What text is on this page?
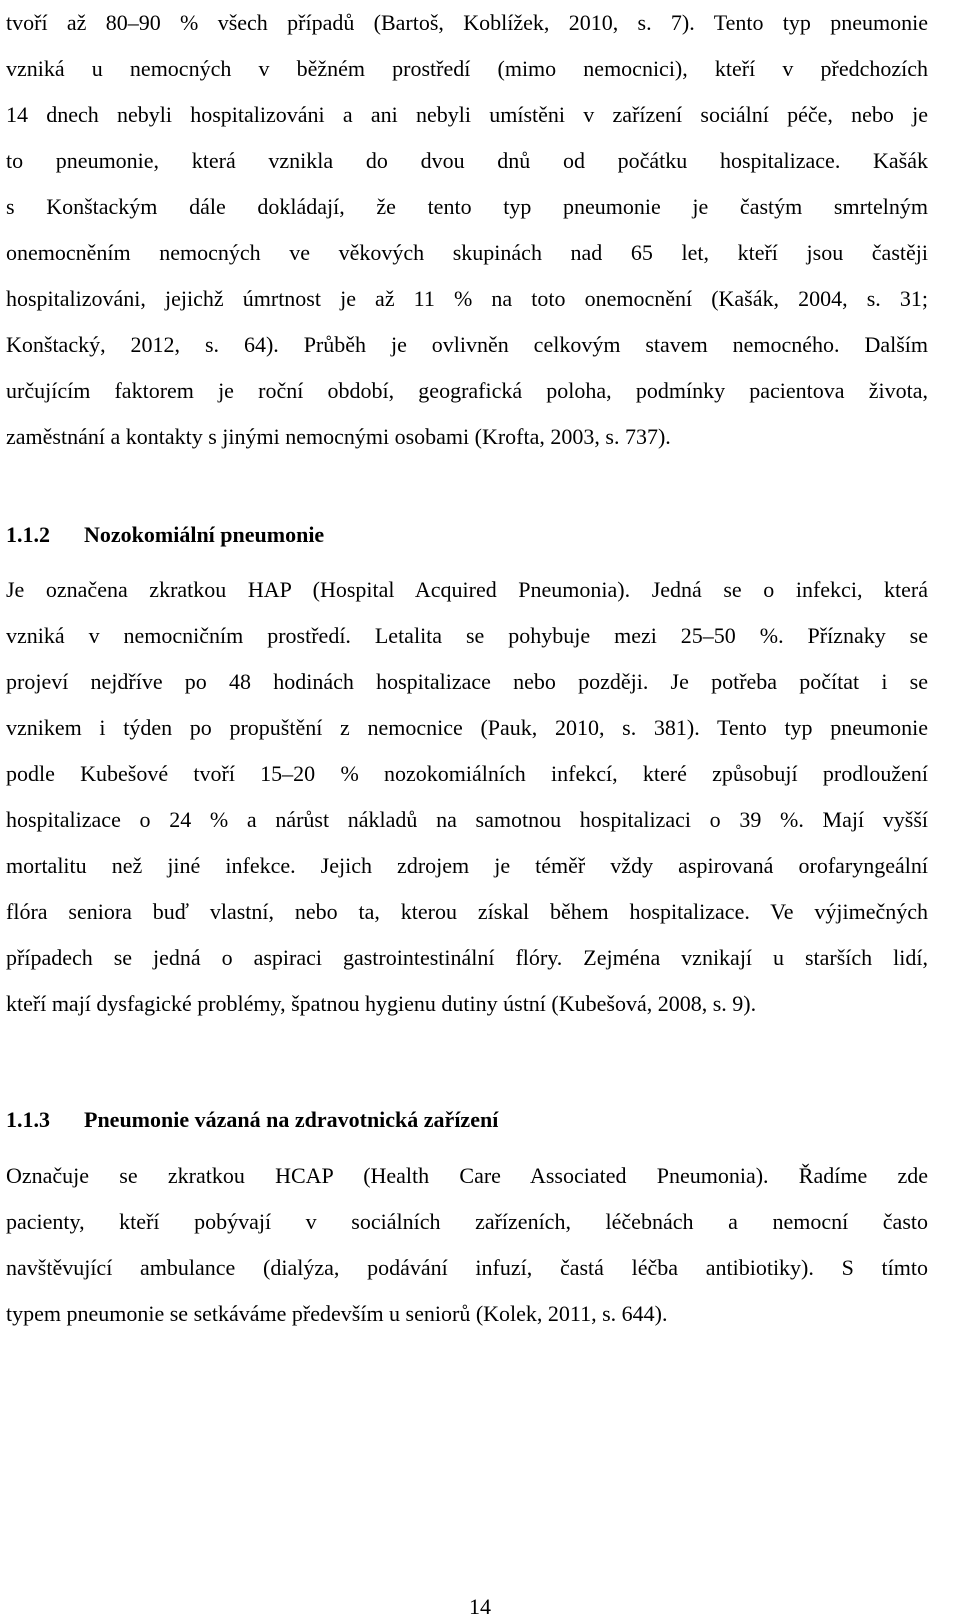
tvoří až 80–90 % všech případů (Bartoš, Koblížek, 2010, s. 7). Tento typ pneumonie
vzniká u nemocných v běžném prostředí (mimo nemocnici), kteří v předchozích
14 dnech nebyli hospitalizováni a ani nebyli umístěni v zařízení sociální péče, nebo je
to pneumonie, která vznikla do dvou dnů od počátku hospitalizace. Kašák
s Konštackým dále dokládají, že tento typ pneumonie je častým smrtelným
onemocněním nemocných ve věkových skupinách nad 65 let, kteří jsou častěji
hospitalizováni, jejichž úmrtnost je až 11 % na toto onemocnění (Kašák, 2004, s. 31;
Konštacký, 2012, s. 64). Průběh je ovlivněn celkovým stavem nemocného. Dalším
určujícím faktorem je roční období, geografická poloha, podmínky pacientova života,
zaměstnání a kontakty s jinými nemocnými osobami (Krofta, 2003, s. 737).
1.1.2 Nozokomiální pneumonie
Je označena zkratkou HAP (Hospital Acquired Pneumonia). Jedná se o infekci, která
vzniká v nemocničním prostředí. Letalita se pohybuje mezi 25–50 %. Příznaky se
projeví nejdříve po 48 hodinách hospitalizace nebo později. Je potřeba počítat i se
vznikem i týden po propuštění z nemocnice (Pauk, 2010, s. 381). Tento typ pneumonie
podle Kubešové tvoří 15–20 % nozokomiálních infekcí, které způsobují prodloužení
hospitalizace o 24 % a nárůst nákladů na samotnou hospitalizaci o 39 %. Mají vyšší
mortalitu než jiné infekce. Jejich zdrojem je téměř vždy aspirovaná orofaryngeální
flóra seniora buď vlastní, nebo ta, kterou získal během hospitalizace. Ve výjimečných
případech se jedná o aspiraci gastrointestinální flóry. Zejména vznikají u starších lidí,
kteří mají dysfagické problémy, špatnou hygienu dutiny ústní (Kubešová, 2008, s. 9).
1.1.3 Pneumonie vázaná na zdravotnická zařízení
Označuje se zkratkou HCAP (Health Care Associated Pneumonia). Řadíme zde
pacienty, kteří pobývají v sociálních zařízeních, léčebnách a nemocní často
navštěvující ambulance (dialýza, podávání infuzí, častá léčba antibiotiky). S tímto
typem pneumonie se setkáváme především u seniorů (Kolek, 2011, s. 644).
14
